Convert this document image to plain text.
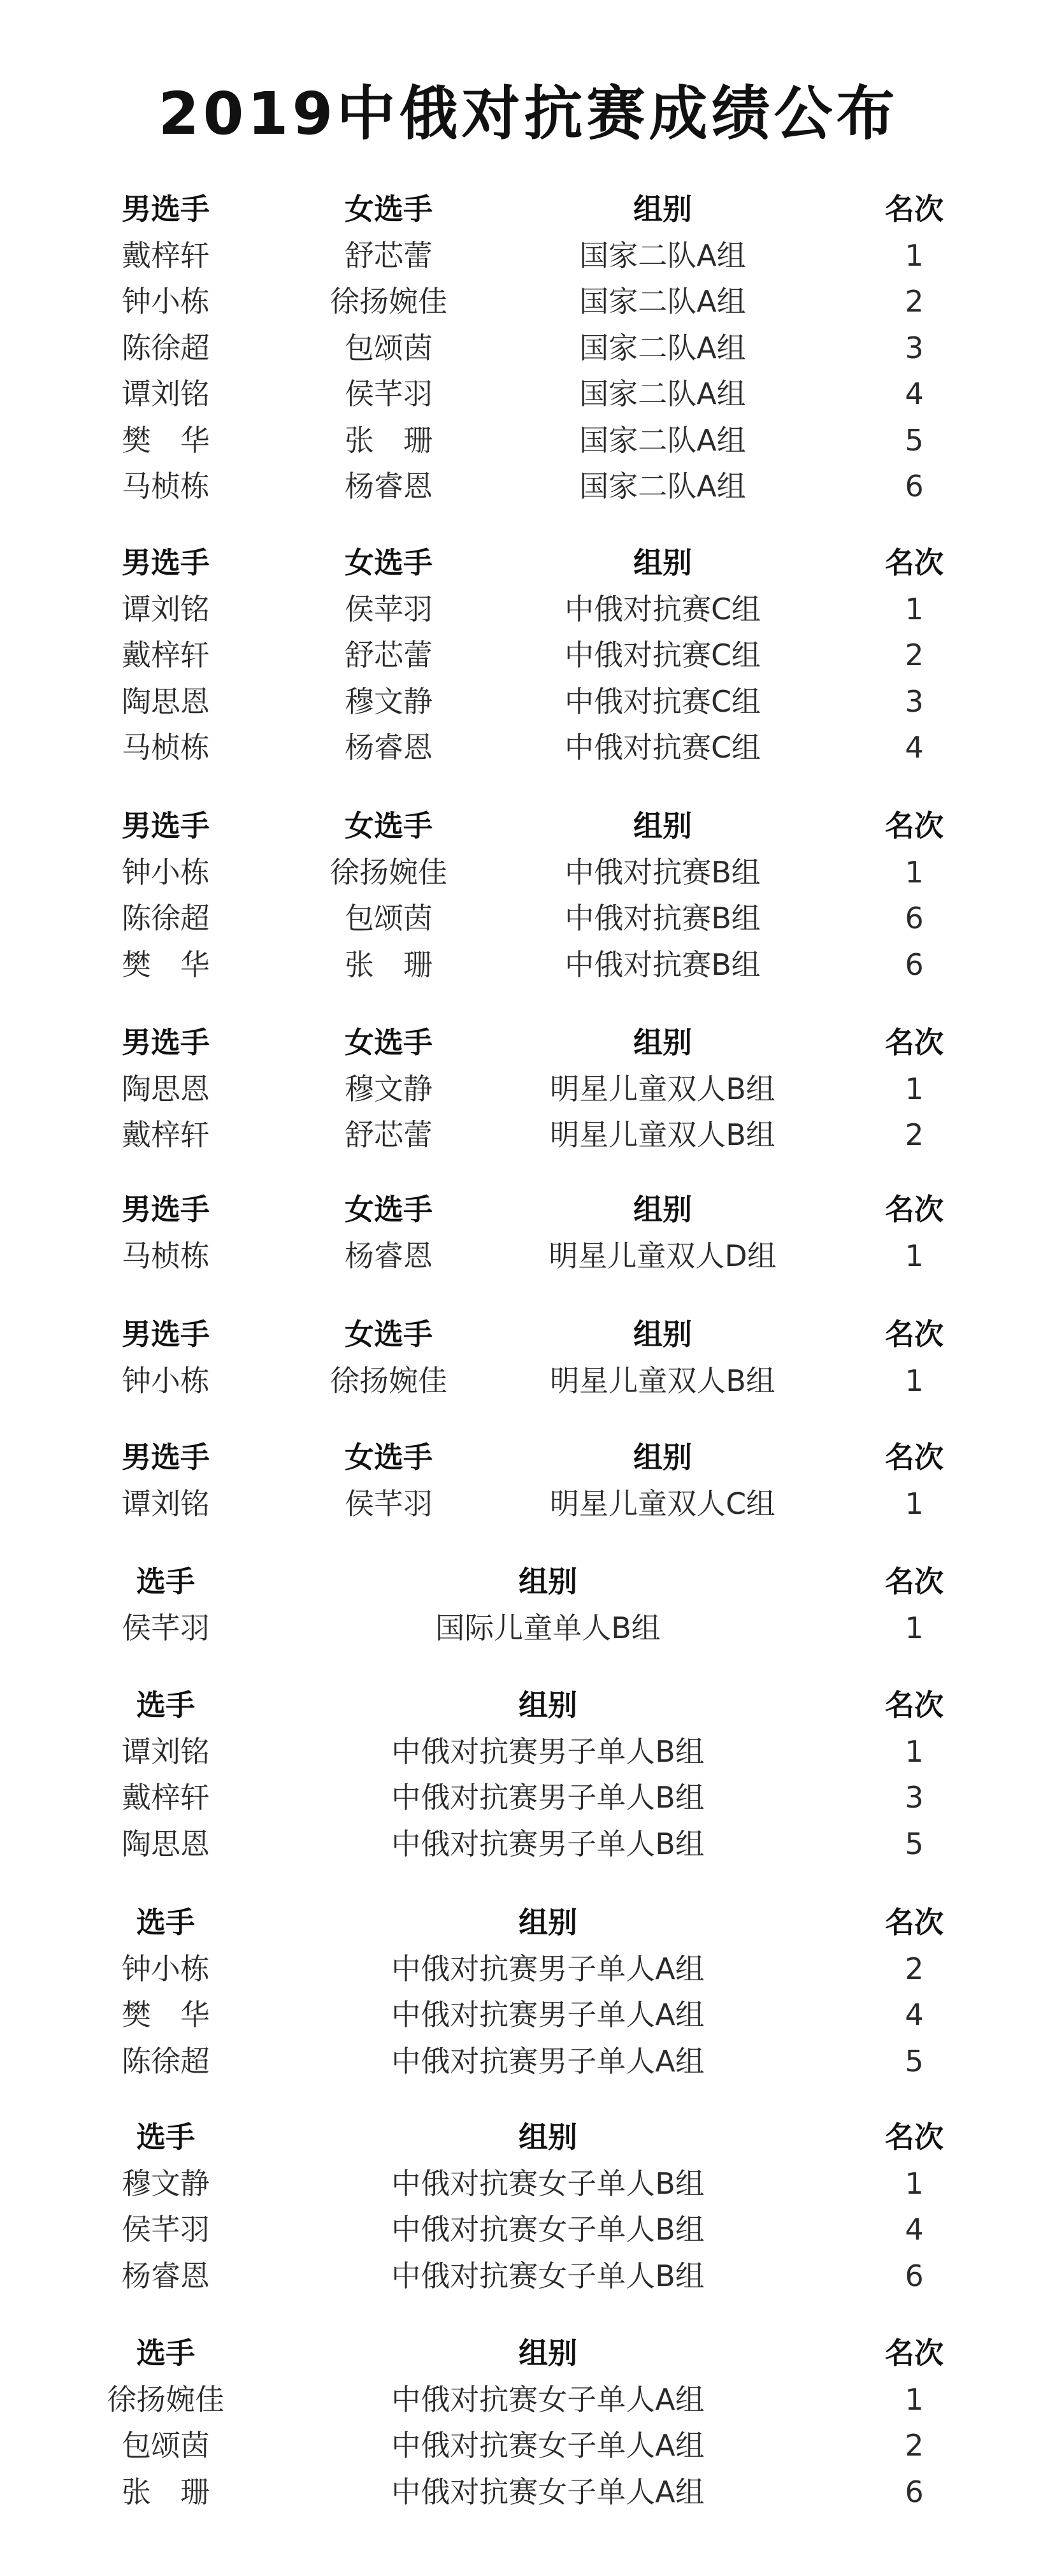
2019中俄对抗赛成绩公布
男选手	女选手	组别	名次
戴梓轩	舒芯蕾	国家二队A组	1
钟小栋	徐扬婉佳	国家二队A组	2
陈徐超	包颂茵	国家二队A组	3
谭刘铭	侯芊羽	国家二队A组	4
樊　华	张　珊	国家二队A组	5
马桢栋	杨睿恩	国家二队A组	6
男选手	女选手	组别	名次
谭刘铭	侯苹羽	中俄对抗赛C组	1
戴梓轩	舒芯蕾	中俄对抗赛C组	2
陶思恩	穆文静	中俄对抗赛C组	3
马桢栋	杨睿恩	中俄对抗赛C组	4
男选手	女选手	组别	名次
钟小栋	徐扬婉佳	中俄对抗赛B组	1
陈徐超	包颂茵	中俄对抗赛B组	6
樊　华	张　珊	中俄对抗赛B组	6
男选手	女选手	组别	名次
陶思恩	穆文静	明星儿童双人B组	1
戴梓轩	舒芯蕾	明星儿童双人B组	2
男选手	女选手	组别	名次
马桢栋	杨睿恩	明星儿童双人D组	1
男选手	女选手	组别	名次
钟小栋	徐扬婉佳	明星儿童双人B组	1
男选手	女选手	组别	名次
谭刘铭	侯芊羽	明星儿童双人C组	1
选手	组别	名次
侯芊羽	国际儿童单人B组	1
选手	组别	名次
谭刘铭	中俄对抗赛男子单人B组	1
戴梓轩	中俄对抗赛男子单人B组	3
陶思恩	中俄对抗赛男子单人B组	5
选手	组别	名次
钟小栋	中俄对抗赛男子单人A组	2
樊　华	中俄对抗赛男子单人A组	4
陈徐超	中俄对抗赛男子单人A组	5
选手	组别	名次
穆文静	中俄对抗赛女子单人B组	1
侯芊羽	中俄对抗赛女子单人B组	4
杨睿恩	中俄对抗赛女子单人B组	6
选手	组别	名次
徐扬婉佳	中俄对抗赛女子单人A组	1
包颂茵	中俄对抗赛女子单人A组	2
张　珊	中俄对抗赛女子单人A组	6
